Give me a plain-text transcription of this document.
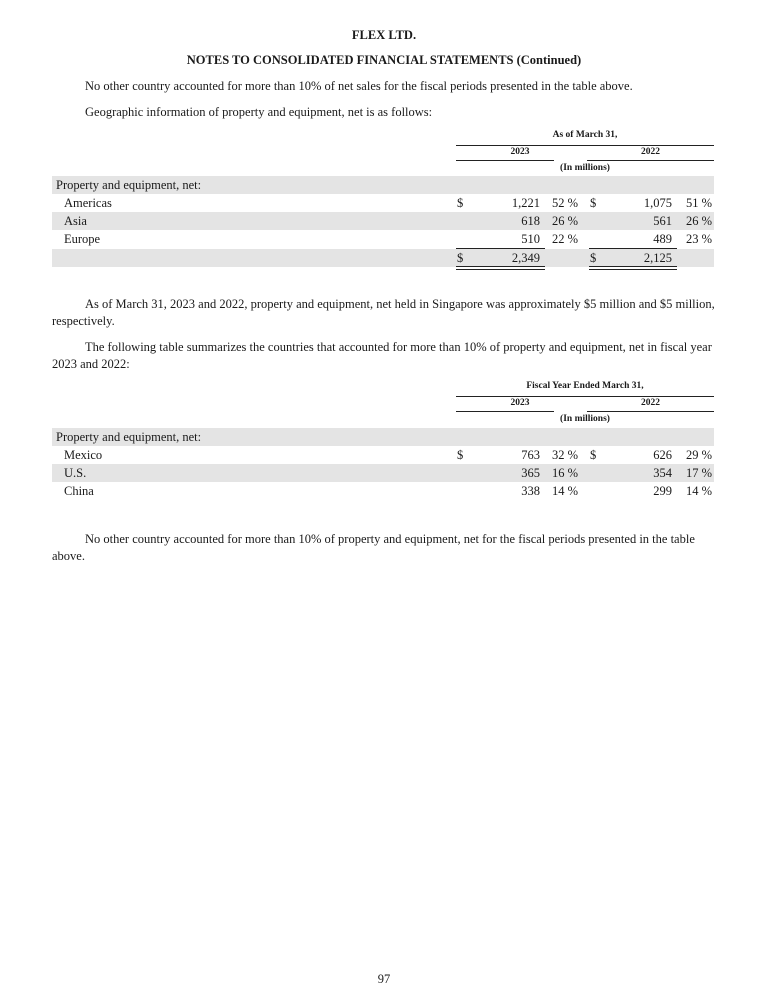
FLEX LTD.
NOTES TO CONSOLIDATED FINANCIAL STATEMENTS (Continued)

No other country accounted for more than 10% of net sales for the fiscal periods presented in the table above.

Geographic information of property and equipment, net is as follows:

As of March 31,
2023	2022
(In millions)
Property and equipment, net:
Americas	$	1,221 52 % $	1,075 51 %
Asia	618 26 %	561 26 %
Europe	510 22 %	489 23 %
$	2,349	$	2,125

As of March 31, 2023 and 2022, property and equipment, net held in Singapore was approximately $5 million and $5 million, respectively.

The following table summarizes the countries that accounted for more than 10% of property and equipment, net in fiscal year 2023 and 2022:

Fiscal Year Ended March 31,
2023	2022
(In millions)
Property and equipment, net:
Mexico	$	763 32 % $	626 29 %
U.S.	365 16 %	354 17 %
China	338 14 %	299 14 %

No other country accounted for more than 10% of property and equipment, net for the fiscal periods presented in the table above.

97
